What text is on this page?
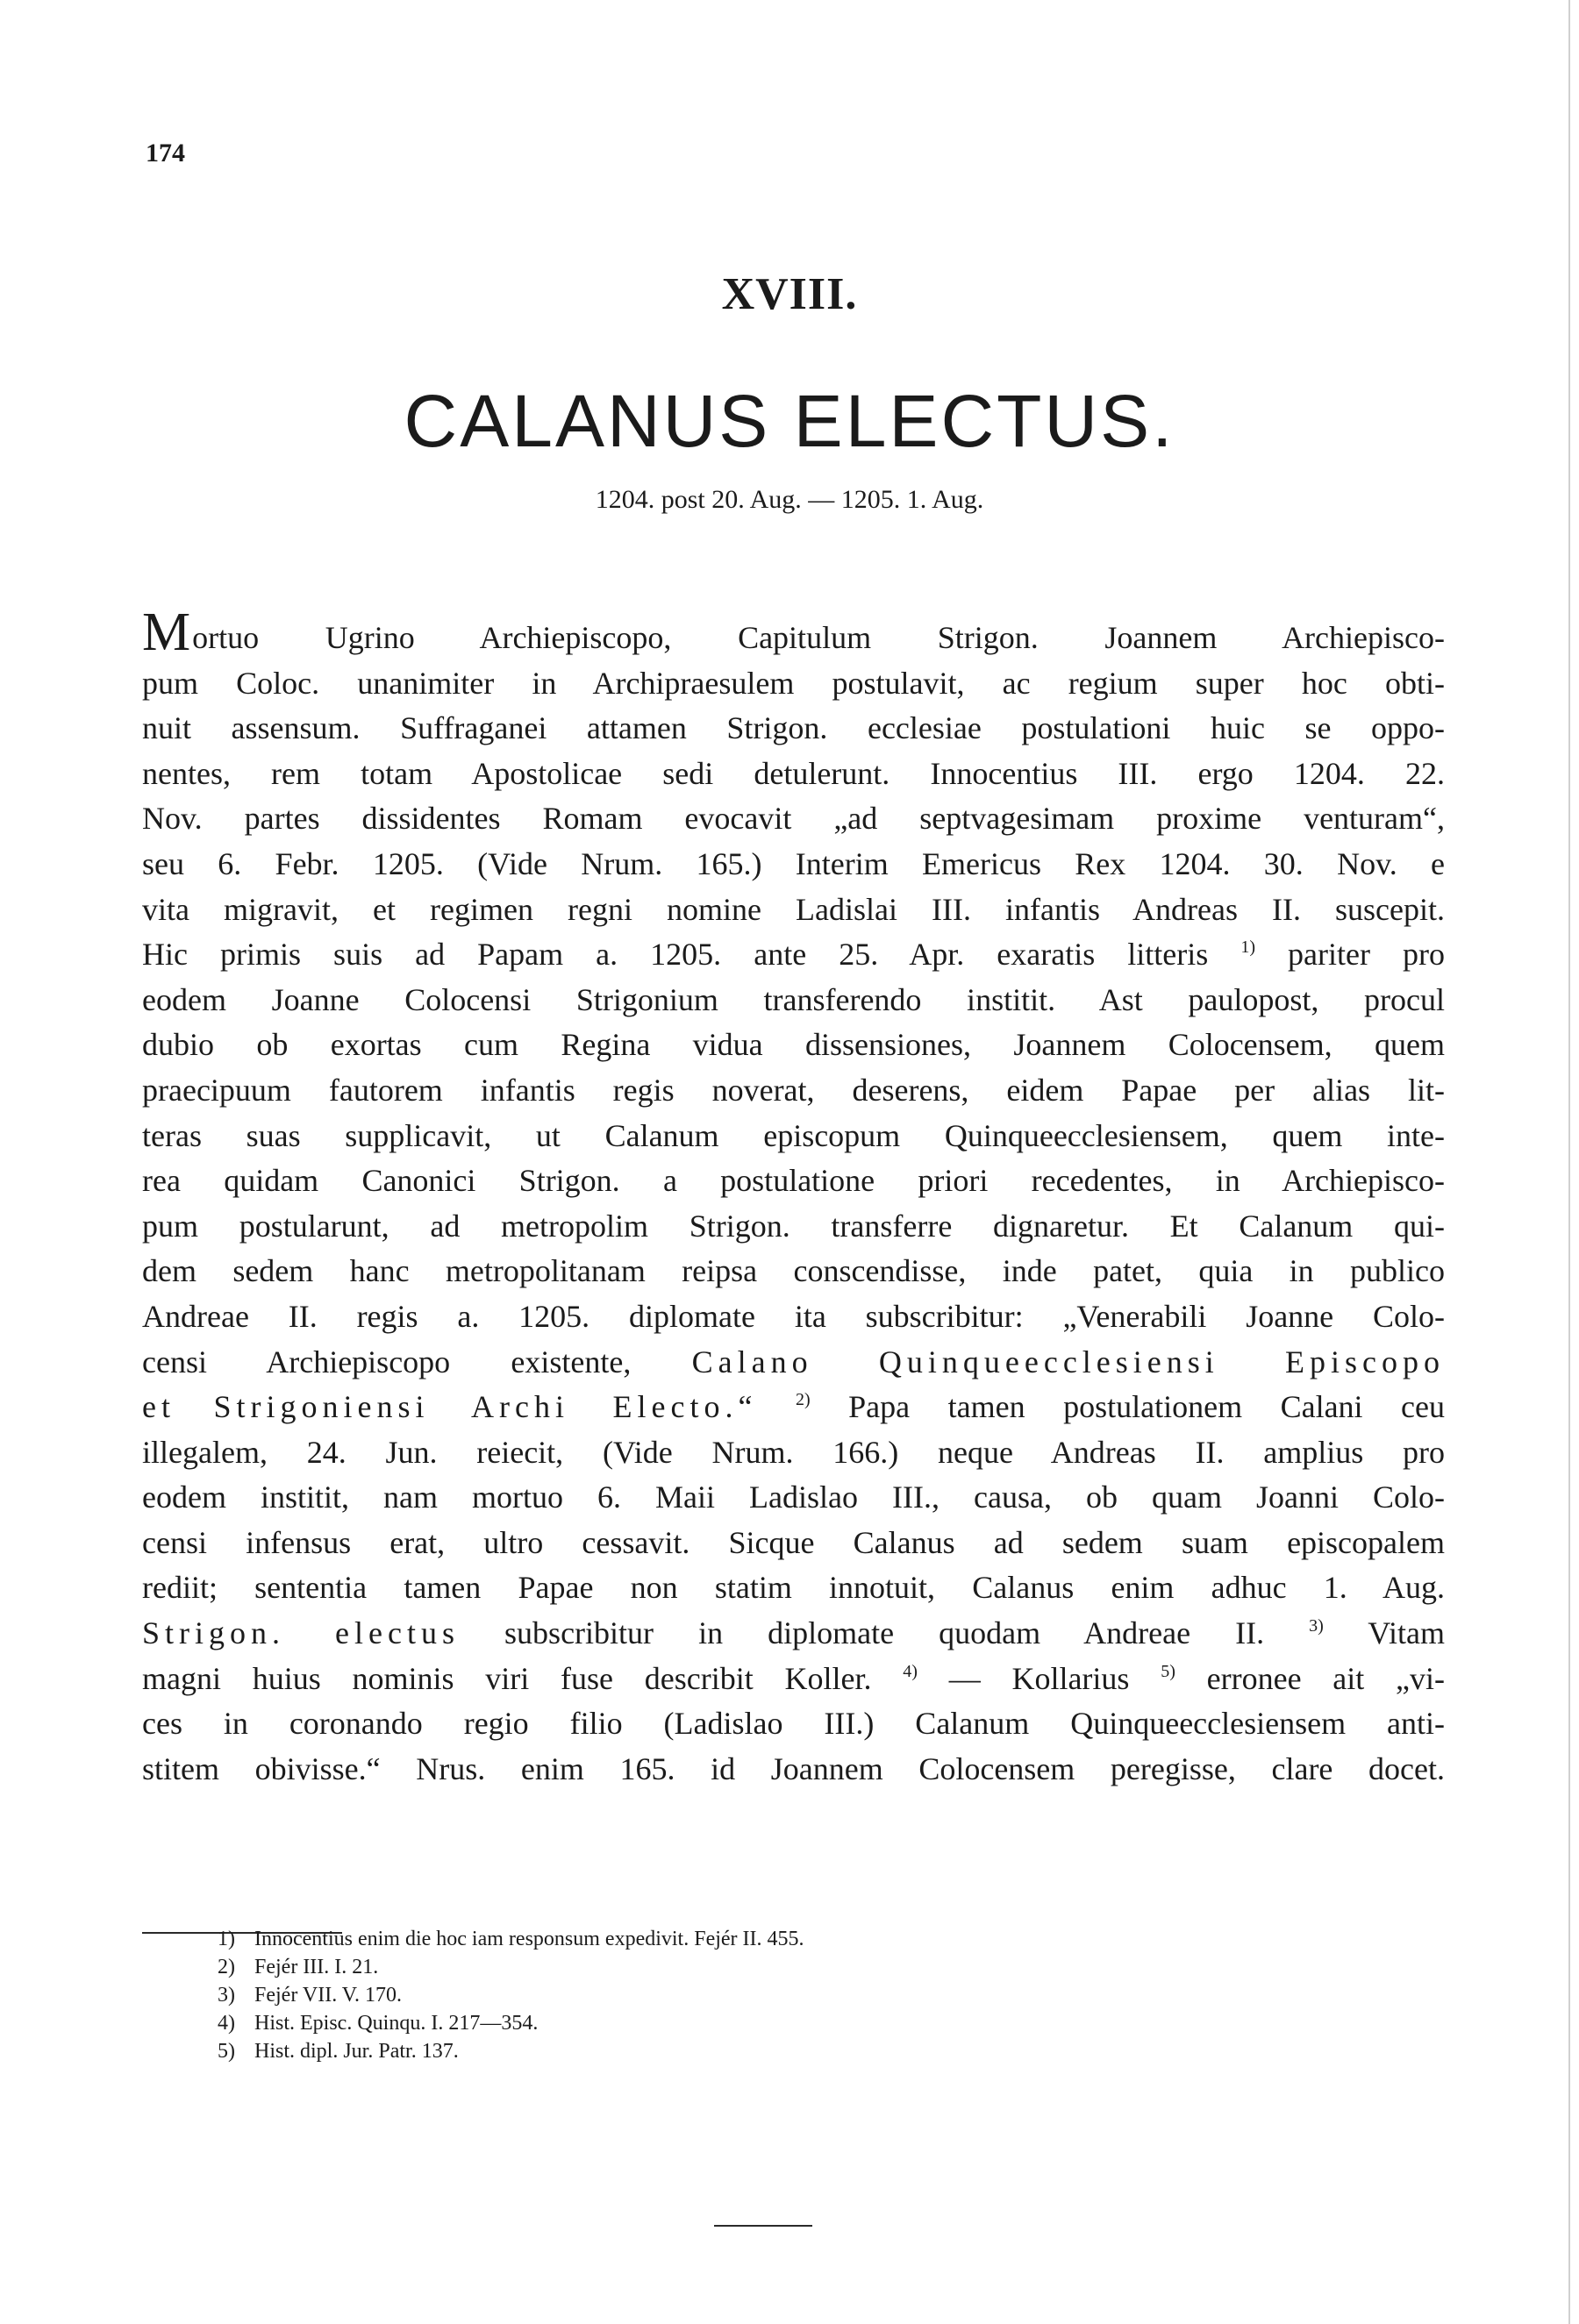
174
XVIII.
CALANUS ELECTUS.
1204. post 20. Aug. — 1205. 1. Aug.
Mortuo Ugrino Archiepiscopo, Capitulum Strigon. Joannem Archiepisco-
pum Coloc. unanimiter in Archipraesulem postulavit, ac regium super hoc obti-
nuit assensum. Suffraganei attamen Strigon. ecclesiae postulationi huic se oppo-
nentes, rem totam Apostolicae sedi detulerunt. Innocentius III. ergo 1204. 22.
Nov. partes dissidentes Romam evocavit „ad septvagesimam proxime venturam“,
seu 6. Febr. 1205. (Vide Nrum. 165.) Interim Emericus Rex 1204. 30. Nov. e
vita migravit, et regimen regni nomine Ladislai III. infantis Andreas II. suscepit.
Hic primis suis ad Papam a. 1205. ante 25. Apr. exaratis litteris $^{1)}$ pariter pro
eodem Joanne Colocensi Strigonium transferendo institit. Ast paulopost, procul
dubio ob exortas cum Regina vidua dissensiones, Joannem Colocensem, quem
praecipuum fautorem infantis regis noverat, deserens, eidem Papae per alias lit-
teras suas supplicavit, ut Calanum episcopum Quinqueecclesiensem, quem inte-
rea quidam Canonici Strigon. a postulatione priori recedentes, in Archiepisco-
pum postularunt, ad metropolim Strigon. transferre dignaretur. Et Calanum qui-
dem sedem hanc metropolitanam reipsa conscendisse, inde patet, quia in publico
Andreae II. regis a. 1205. diplomate ita subscribitur: „Venerabili Joanne Colo-
censi Archiepiscopo existente, Calano Quinqueecclesiensi Episcopo
et Strigoniensi Archi Electo.“ $^{2)}$ Papa tamen postulationem Calani ceu
illegalem, 24. Jun. reiecit, (Vide Nrum. 166.) neque Andreas II. amplius pro
eodem institit, nam mortuo 6. Maii Ladislao III., causa, ob quam Joanni Colo-
censi infensus erat, ultro cessavit. Sicque Calanus ad sedem suam episcopalem
rediit; sententia tamen Papae non statim innotuit, Calanus enim adhuc 1. Aug.
Strigon. electus subscribitur in diplomate quodam Andreae II.	$^{3)}$ Vitam
magni huius nominis viri fuse describit Koller. $^{4)}$ — Kollarius $^{5)}$ erronee ait „vi-
ces in coronando regio filio (Ladislao III.) Calanum Quinqueecclesiensem anti-
stitem obivisse.“ Nrus. enim 165. id Joannem Colocensem peregisse, clare docet.
1) Innocentius enim die hoc iam responsum expedivit. Fejér II. 455.
2) Fejér III. I. 21.
3) Fejér VII. V. 170.
4) Hist. Episc. Quinqu. I. 217—354.
5) Hist. dipl. Jur. Patr. 137.
